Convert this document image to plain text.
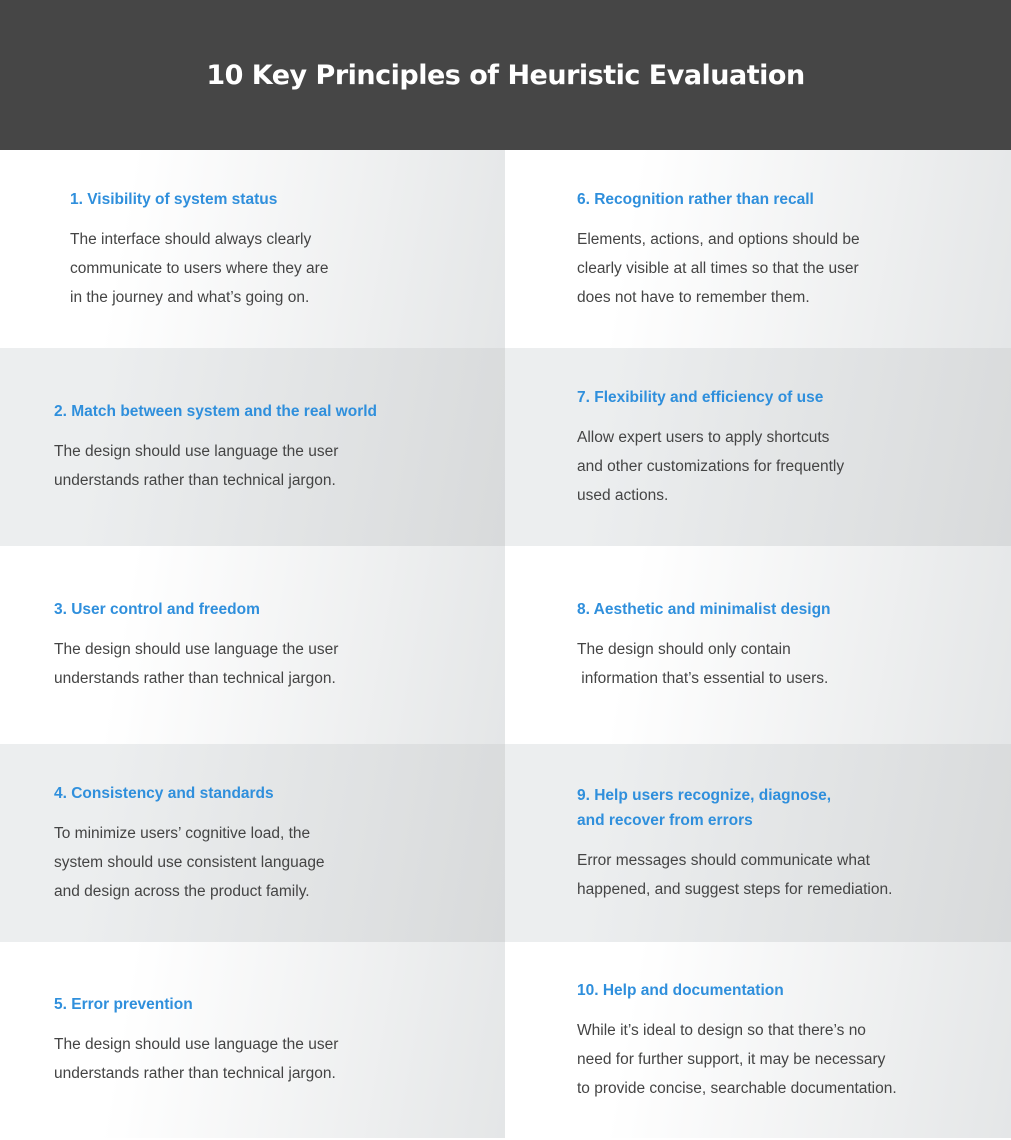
10 Key Principles of Heuristic Evaluation
1. Visibility of system status
The interface should always clearly
communicate to users where they are
in the journey and what’s going on.
6. Recognition rather than recall
Elements, actions, and options should be
clearly visible at all times so that the user
does not have to remember them.
2. Match between system and the real world
The design should use language the user
understands rather than technical jargon.
7. Flexibility and efficiency of use
Allow expert users to apply shortcuts
and other customizations for frequently
used actions.
3. User control and freedom
The design should use language the user
understands rather than technical jargon.
8. Aesthetic and minimalist design
The design should only contain
information that’s essential to users.
4. Consistency and standards
To minimize users’ cognitive load, the
system should use consistent language
and design across the product family.
9. Help users recognize, diagnose,
and recover from errors
Error messages should communicate what
happened, and suggest steps for remediation.
5. Error prevention
The design should use language the user
understands rather than technical jargon.
10. Help and documentation
While it’s ideal to design so that there’s no
need for further support, it may be necessary
to provide concise, searchable documentation.
